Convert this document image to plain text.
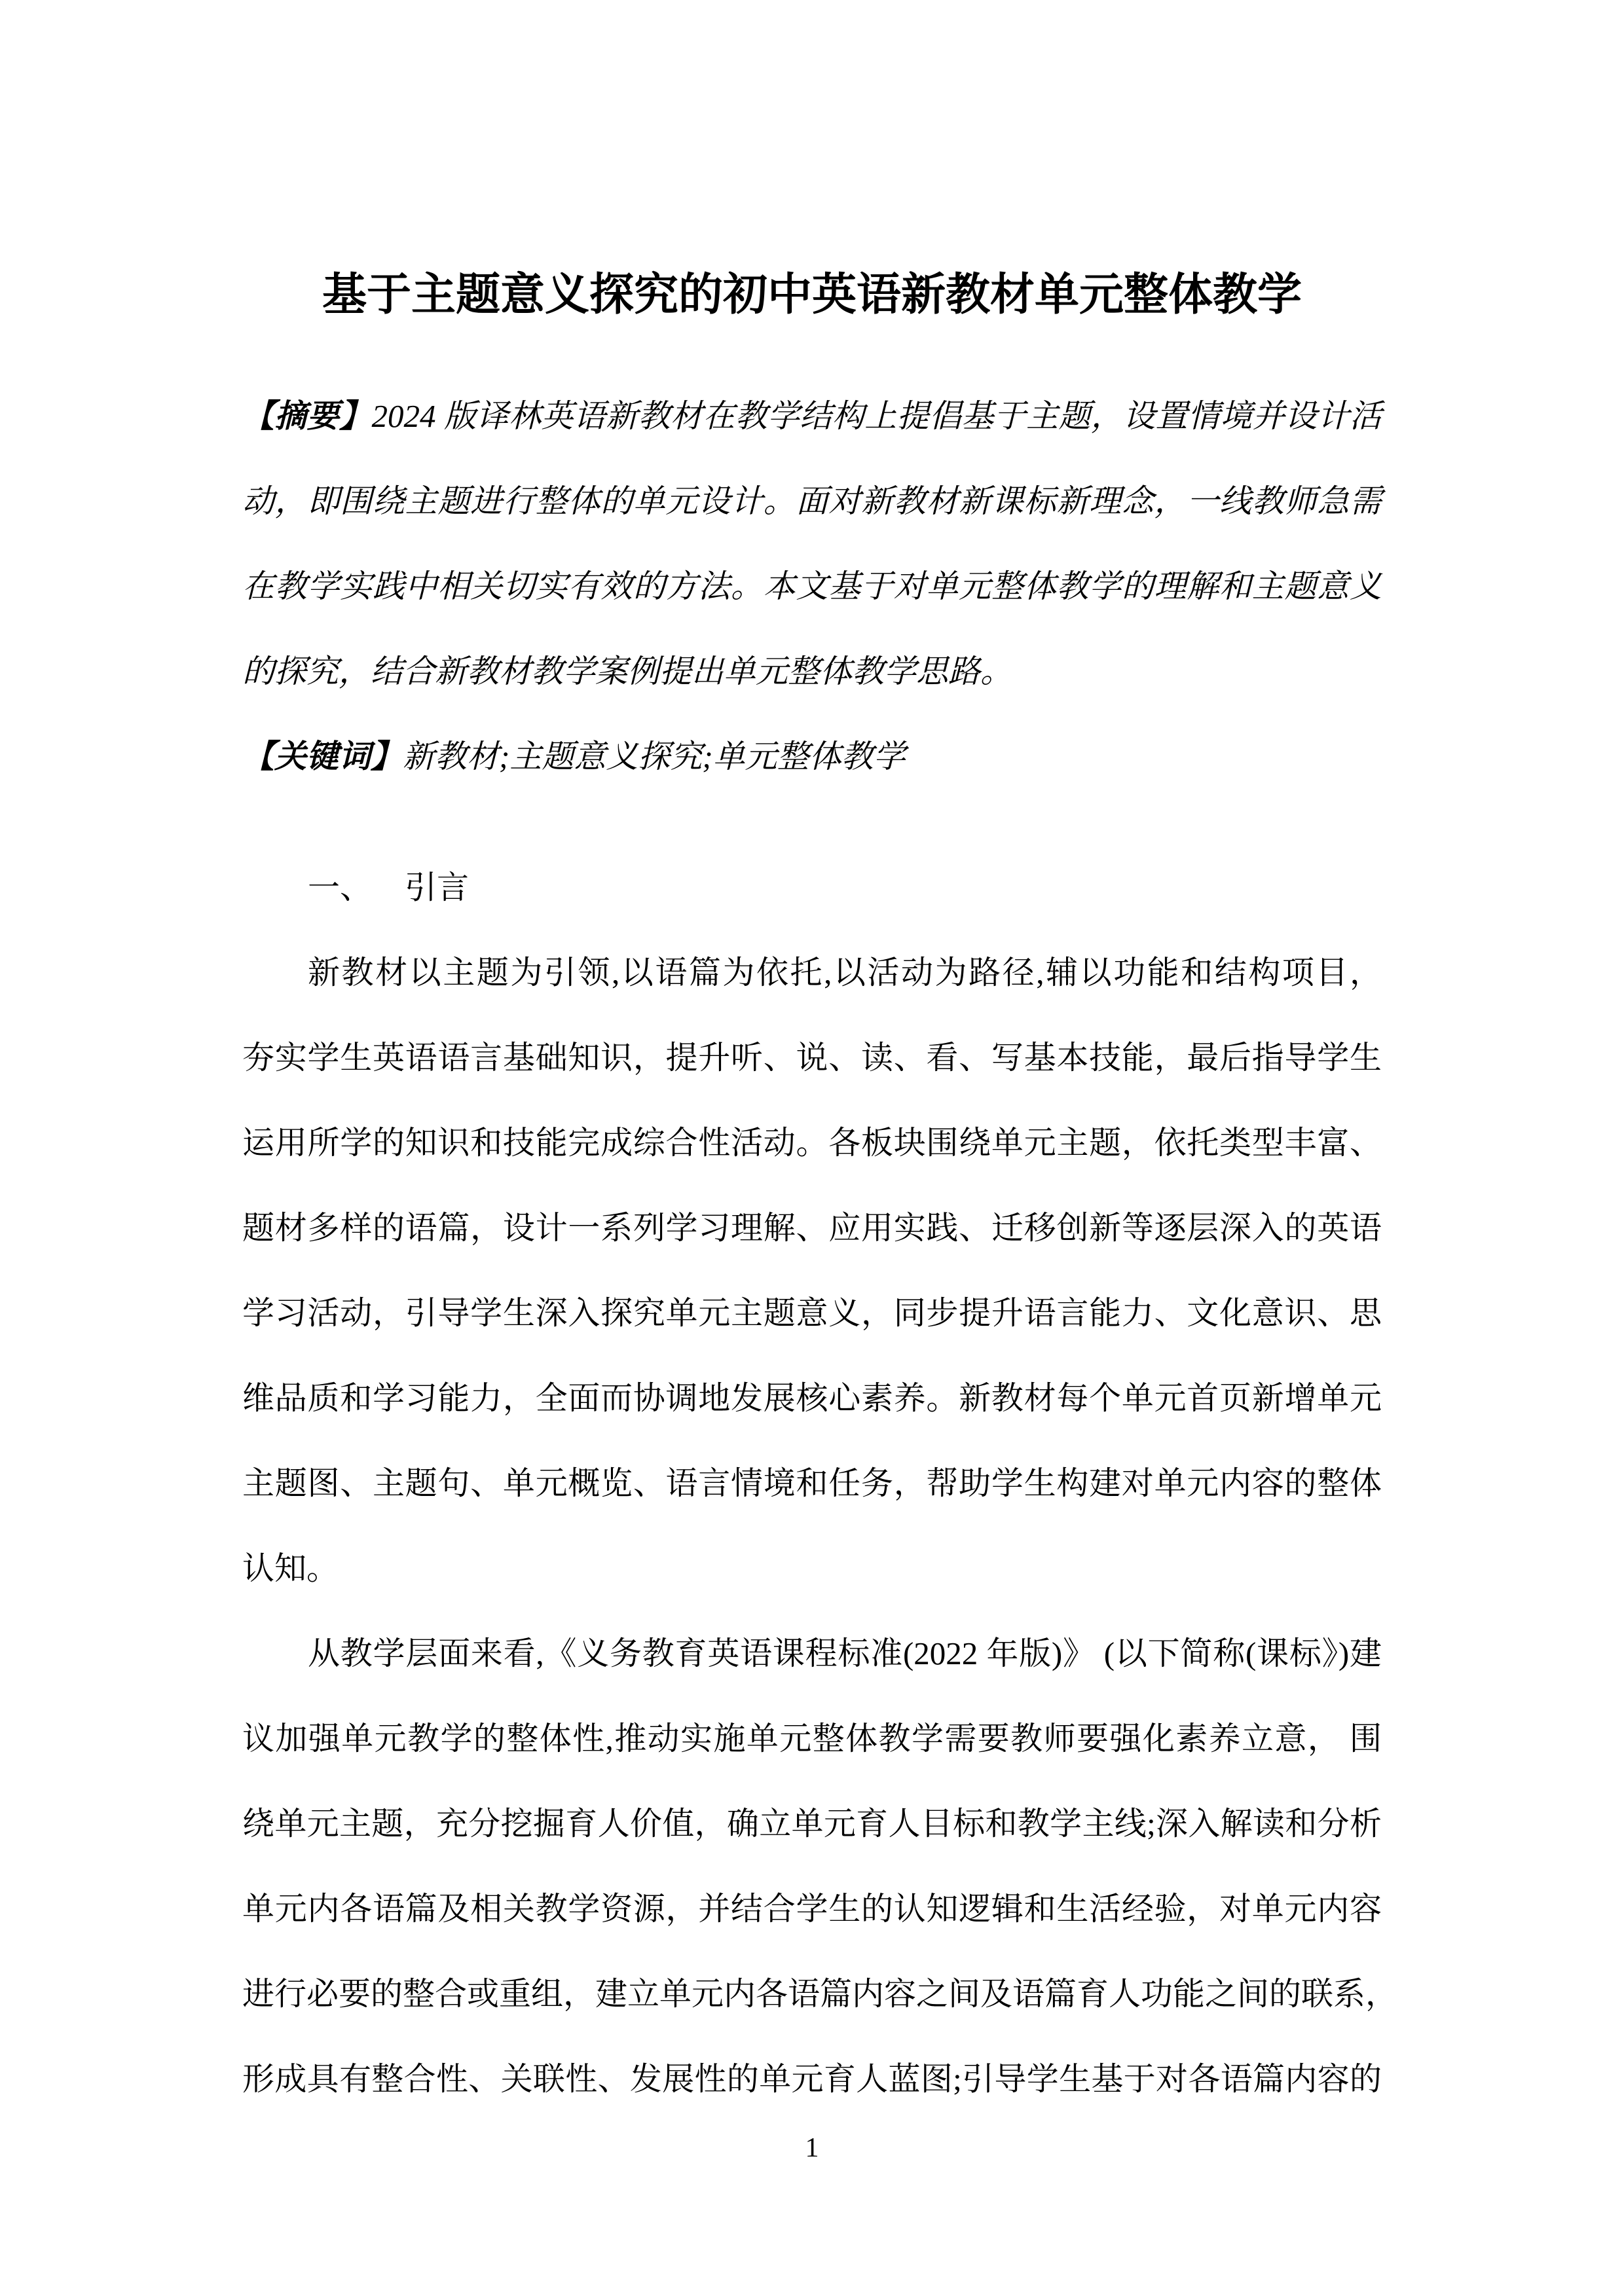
基于主题意义探究的初中英语新教材单元整体教学
【摘要】2024 版译林英语新教材在教学结构上提倡基于主题，设置情境并设计活
动，即围绕主题进行整体的单元设计。面对新教材新课标新理念，一线教师急需
在教学实践中相关切实有效的方法。本文基于对单元整体教学的理解和主题意义
的探究，结合新教材教学案例提出单元整体教学思路。
【关键词】新教材;主题意义探究;单元整体教学
一、 引言
新教材以主题为引领,以语篇为依托,以活动为路径,辅以功能和结构项目，
夯实学生英语语言基础知识，提升听、说、读、看、写基本技能，最后指导学生
运用所学的知识和技能完成综合性活动。各板块围绕单元主题，依托类型丰富、
题材多样的语篇，设计一系列学习理解、应用实践、迁移创新等逐层深入的英语
学习活动，引导学生深入探究单元主题意义，同步提升语言能力、文化意识、思
维品质和学习能力，全面而协调地发展核心素养。新教材每个单元首页新增单元
主题图、主题句、单元概览、语言情境和任务，帮助学生构建对单元内容的整体
认知。
从教学层面来看,《义务教育英语课程标准(2022 年版)》 (以下简称(课标》)建
议加强单元教学的整体性,推动实施单元整体教学需要教师要强化素养立意， 围
绕单元主题，充分挖掘育人价值，确立单元育人目标和教学主线;深入解读和分析
单元内各语篇及相关教学资源，并结合学生的认知逻辑和生活经验，对单元内容
进行必要的整合或重组，建立单元内各语篇内容之间及语篇育人功能之间的联系，
形成具有整合性、关联性、发展性的单元育人蓝图;引导学生基于对各语篇内容的
1
